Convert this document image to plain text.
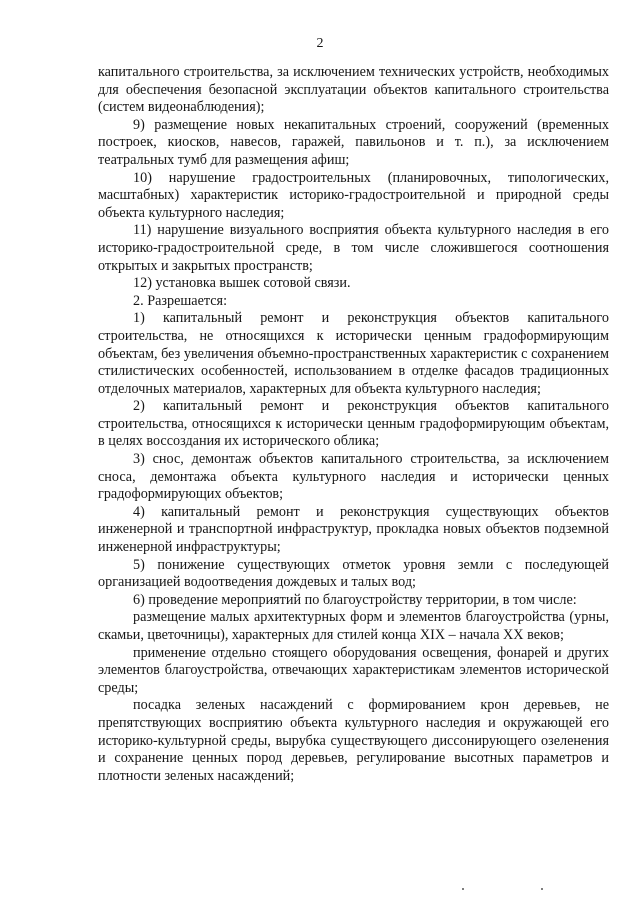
2

капитального строительства, за исключением технических устройств, необходимых для обеспечения безопасной эксплуатации объектов капитального строительства (систем видеонаблюдения);

9) размещение новых некапитальных строений, сооружений (временных построек, киосков, навесов, гаражей, павильонов и т. п.), за исключением театральных тумб для размещения афиш;

10) нарушение градостроительных (планировочных, типологических, масштабных) характеристик историко-градостроительной и природной среды объекта культурного наследия;

11) нарушение визуального восприятия объекта культурного наследия в его историко-градостроительной среде, в том числе сложившегося соотношения открытых и закрытых пространств;

12) установка вышек сотовой связи.

2. Разрешается:

1) капитальный ремонт и реконструкция объектов капитального строительства, не относящихся к исторически ценным градоформирующим объектам, без увеличения объемно-пространственных характеристик с сохранением стилистических особенностей, использованием в отделке фасадов традиционных отделочных материалов, характерных для объекта культурного наследия;

2) капитальный ремонт и реконструкция объектов капитального строительства, относящихся к исторически ценным градоформирующим объектам, в целях воссоздания их исторического облика;

3) снос, демонтаж объектов капитального строительства, за исключением сноса, демонтажа объекта культурного наследия и исторически ценных градоформирующих объектов;

4) капитальный ремонт и реконструкция существующих объектов инженерной и транспортной инфраструктур, прокладка новых объектов подземной инженерной инфраструктуры;

5) понижение существующих отметок уровня земли с последующей организацией водоотведения дождевых и талых вод;

6) проведение мероприятий по благоустройству территории, в том числе:

размещение малых архитектурных форм и элементов благоустройства (урны, скамьи, цветочницы), характерных для стилей конца XIX – начала XX веков;

применение отдельно стоящего оборудования освещения, фонарей и других элементов благоустройства, отвечающих характеристикам элементов исторической среды;

посадка зеленых насаждений с формированием крон деревьев, не препятствующих восприятию объекта культурного наследия и окружающей его историко-культурной среды, вырубка существующего диссонирующего озеленения и сохранение ценных пород деревьев, регулирование высотных параметров и плотности зеленых насаждений;
